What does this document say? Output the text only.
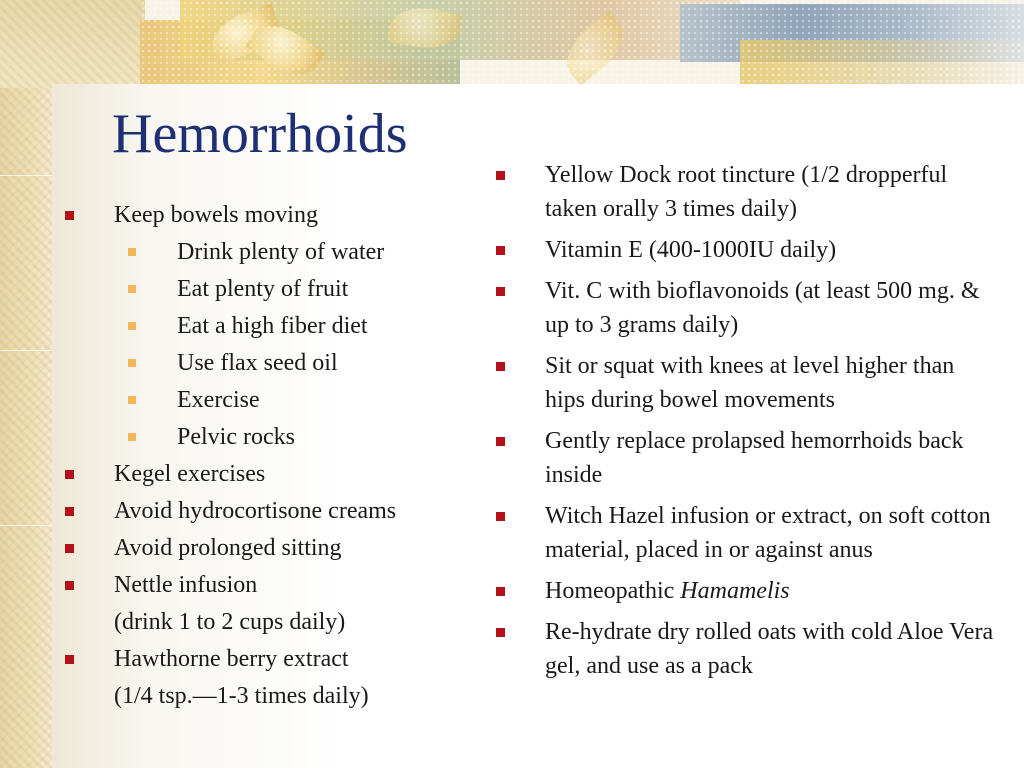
Hemorrhoids
Keep bowels moving
Drink plenty of water
Eat plenty of fruit
Eat a high fiber diet
Use flax seed oil
Exercise
Pelvic rocks
Kegel exercises
Avoid hydrocortisone creams
Avoid prolonged sitting
Nettle infusion
(drink 1 to 2 cups daily)
Hawthorne berry extract
(1/4 tsp.—1-3 times daily)
Yellow Dock root tincture (1/2 dropperful taken orally 3 times daily)
Vitamin E (400-1000IU daily)
Vit. C with bioflavonoids (at least 500 mg. & up to 3 grams daily)
Sit or squat with knees at level higher than hips during bowel movements
Gently replace prolapsed hemorrhoids back inside
Witch Hazel infusion or extract, on soft cotton material, placed in or against anus
Homeopathic Hamamelis
Re-hydrate dry rolled oats with cold Aloe Vera gel, and use as a pack
